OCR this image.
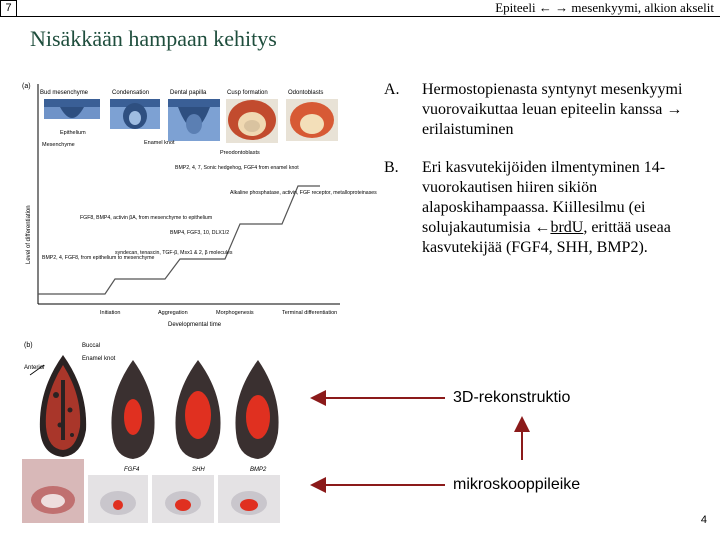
7	Epiteeli ← → mesenkyymi, alkion akselit
Nisäkkään hampaan kehitys
(a)
Level of differentiation
Bud mesenchyme	Condensation	Dental papilla	Cusp formation	Odontoblasts
Epithelium
Mesenchyme	Enamel knot
Preodontoblasts
BMP2, 4, 7, Sonic hedgehog, FGF4 from enamel knot
Alkaline phosphatase, activin, FGF receptor, metalloproteinases
FGF8, BMP4, activin βA, from mesenchyme to epithelium
BMP4, FGF3, 10, DLX1/2
BMP2, 4, FGF8, from epithelium to mesenchyme
syndecan, tenascin, TGF-β, Msx1 & 2, β molecules
Initiation	Aggregation	Morphogenesis	Terminal differentiation
Developmental time
(b)	Buccal
Enamel knot
Anterior
FGF4	SHH	BMP2
A.	Hermostopienasta syntynyt mesenkyymi vuorovaikuttaa leuan epiteelin kanssa → erilaistuminen
B.	Eri kasvutekijöiden ilmentyminen 14-vuorokautisen hiiren sikiön alaposkihampaassa. Kiillesilmu (ei solujakautumisia ←brdU, erittää useaa kasvutekijää (FGF4, SHH, BMP2).
3D-rekonstruktio
mikroskooppileike
4
